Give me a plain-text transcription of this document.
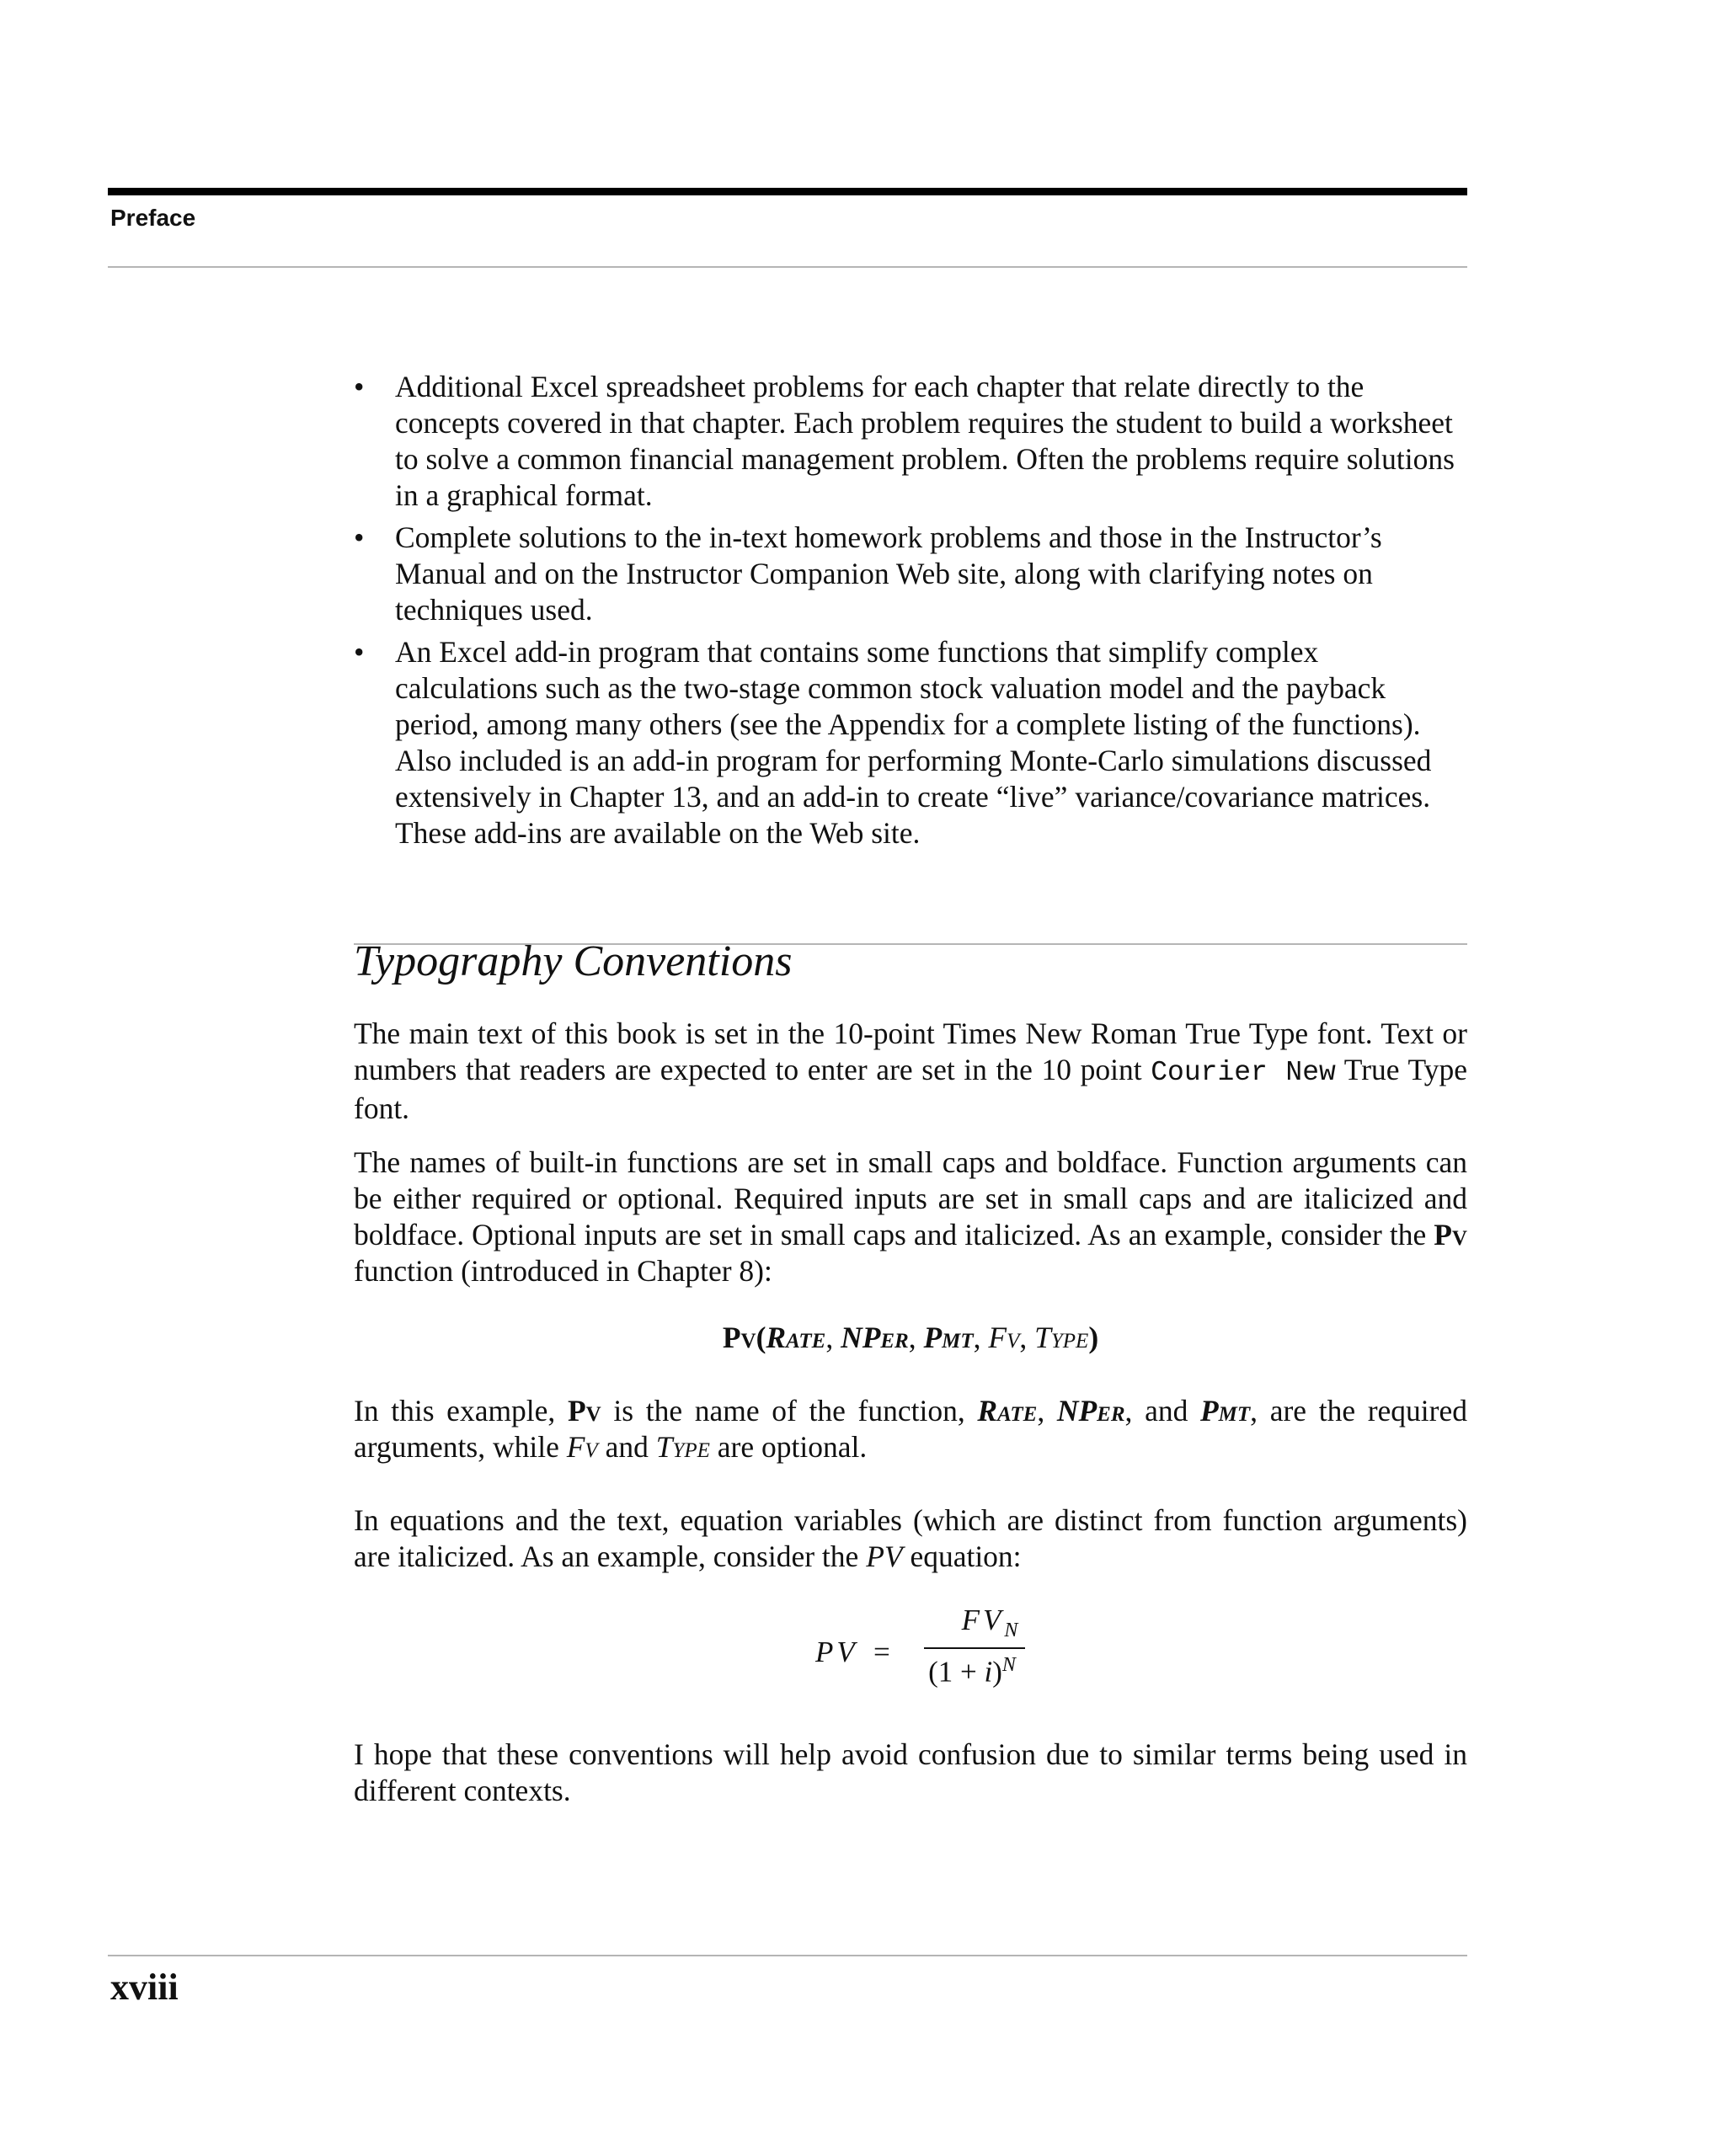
Preface
• Additional Excel spreadsheet problems for each chapter that relate directly to the concepts covered in that chapter. Each problem requires the student to build a worksheet to solve a common financial management problem. Often the problems require solutions in a graphical format.
• Complete solutions to the in-text homework problems and those in the Instructor’s Manual and on the Instructor Companion Web site, along with clarifying notes on techniques used.
• An Excel add-in program that contains some functions that simplify complex calculations such as the two-stage common stock valuation model and the payback period, among many others (see the Appendix for a complete listing of the functions). Also included is an add-in program for performing Monte-Carlo simulations discussed extensively in Chapter 13, and an add-in to create “live” variance/covariance matrices. These add-ins are available on the Web site.
Typography Conventions

The main text of this book is set in the 10-point Times New Roman True Type font. Text or numbers that readers are expected to enter are set in the 10 point Courier New True Type font.

The names of built-in functions are set in small caps and boldface. Function arguments can be either required or optional. Required inputs are set in small caps and are italicized and boldface. Optional inputs are set in small caps and italicized. As an example, consider the Pv function (introduced in Chapter 8):

Pv(Rate, NPer, Pmt, Fv, Type)

In this example, Pv is the name of the function, Rate, NPer, and Pmt, are the required arguments, while Fv and Type are optional.

In equations and the text, equation variables (which are distinct from function arguments) are italicized. As an example, consider the PV equation:

PV =
$FV_N$
$(1 + i)^N$

I hope that these conventions will help avoid confusion due to similar terms being used in different contexts.

xviii
